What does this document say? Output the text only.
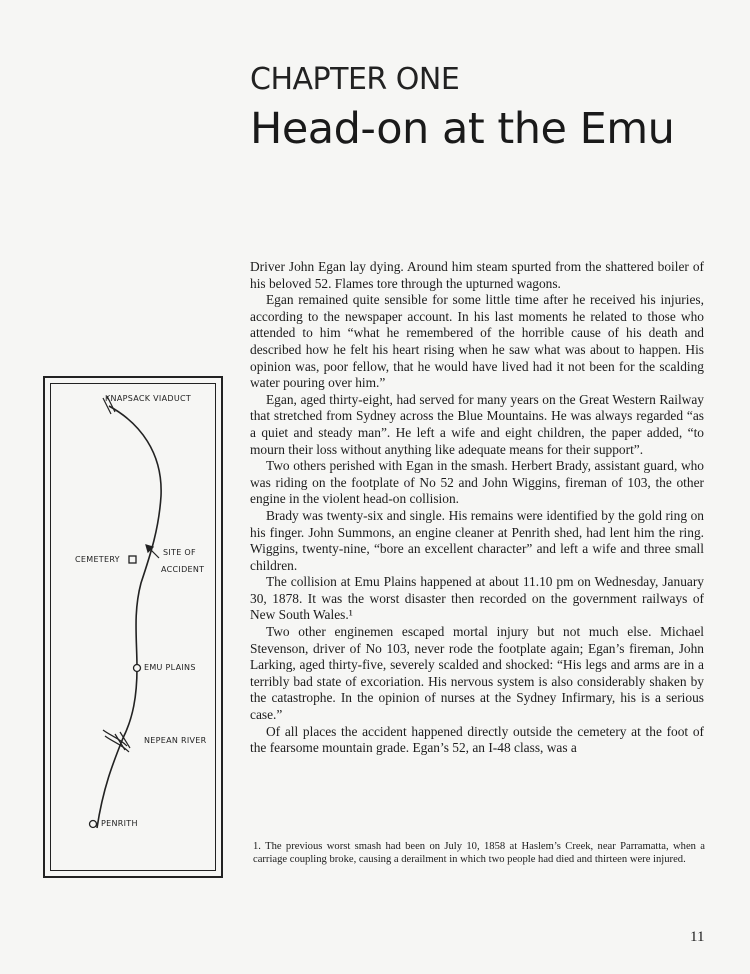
CHAPTER ONE
Head-on at the Emu

Driver John Egan lay dying. Around him steam spurted from the shattered boiler of his beloved 52. Flames tore through the upturned wagons.

Egan remained quite sensible for some little time after he received his injuries, according to the newspaper account. In his last moments he related to those who attended to him “what he remembered of the horrible cause of his death and described how he felt his heart rising when he saw what was about to happen. His opinion was, poor fellow, that he would have lived had it not been for the scalding water pouring over him.”

Egan, aged thirty-eight, had served for many years on the Great Western Railway that stretched from Sydney across the Blue Mountains. He was always regarded “as a quiet and steady man”. He left a wife and eight children, the paper added, “to mourn their loss without anything like adequate means for their support”.

Two others perished with Egan in the smash. Herbert Brady, assistant guard, who was riding on the footplate of No 52 and John Wiggins, fireman of 103, the other engine in the violent head-on collision.

Brady was twenty-six and single. His remains were identified by the gold ring on his finger. John Summons, an engine cleaner at Penrith shed, had lent him the ring. Wiggins, twenty-nine, “bore an excellent character” and left a wife and three small children.

The collision at Emu Plains happened at about 11.10 pm on Wednesday, January 30, 1878. It was the worst disaster then recorded on the government railways of New South Wales.¹

Two other enginemen escaped mortal injury but not much else. Michael Stevenson, driver of No 103, never rode the footplate again; Egan’s fireman, John Larking, aged thirty-five, severely scalded and shocked: “His legs and arms are in a terribly bad state of excoriation. His nervous system is also considerably shaken by the catastrophe. In the opinion of nurses at the Sydney Infirmary, his is a serious case.”

Of all places the accident happened directly outside the cemetery at the foot of the fearsome mountain grade. Egan’s 52, an I-48 class, was a

1. The previous worst smash had been on July 10, 1858 at Haslem’s Creek, near Parramatta, when a carriage coupling broke, causing a derailment in which two people had died and thirteen were injured.
11
KNAPSACK VIADUCT
CEMETERY
SITE OF
ACCIDENT
EMU PLAINS
NEPEAN RIVER
PENRITH
